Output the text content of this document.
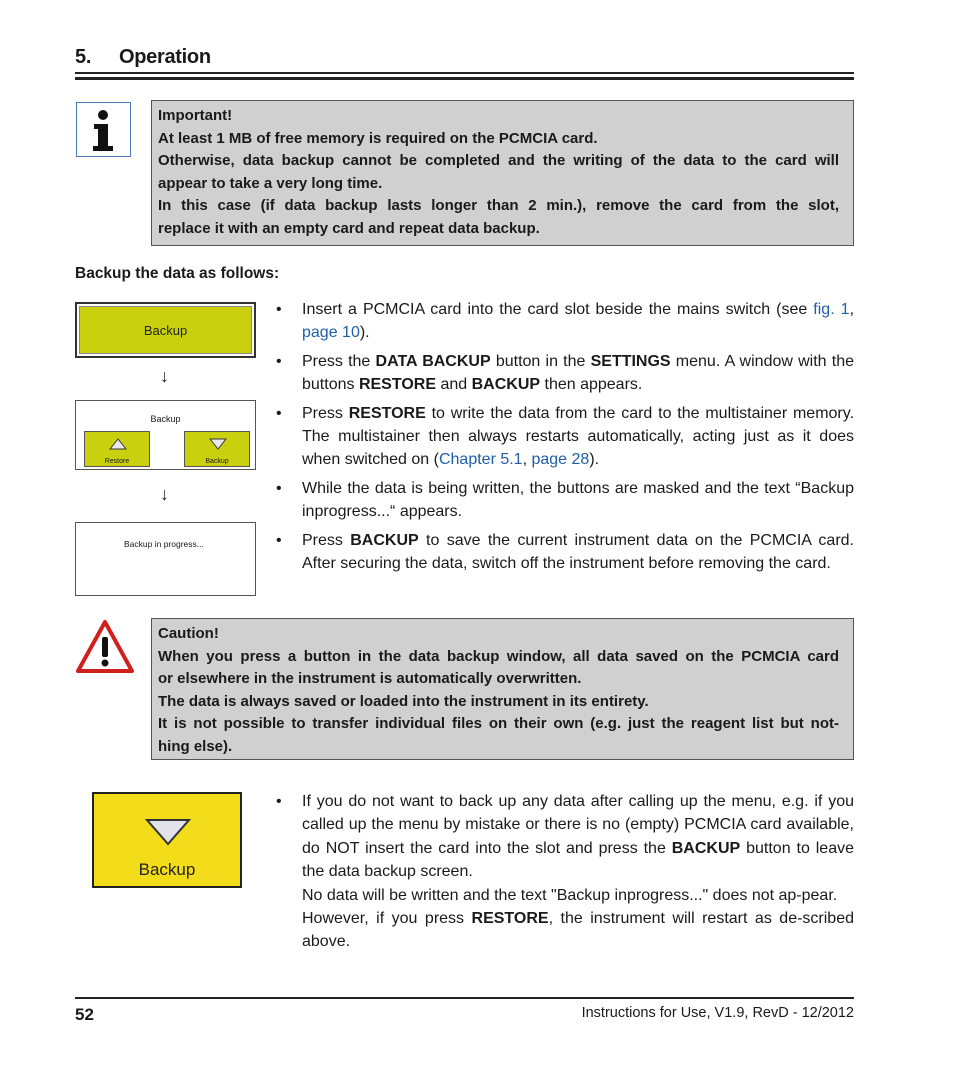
5. Operation
Important!
At least 1 MB of free memory is required on the PCMCIA card.
Otherwise, data backup cannot be completed and the writing of the data to the card will
appear to take a very long time.
In this case (if data backup lasts longer than 2 min.), remove the card from the slot,
replace it with an empty card and repeat data backup.
Backup the data as follows:
Backup
↓
Backup
Restore	Backup
↓
Backup in progress...
• Insert a PCMCIA card into the card slot beside the mains switch (see fig. 1, page 10).

• Press the DATA BACKUP button in the SETTINGS menu. A window with the buttons RESTORE and BACKUP then appears.

• Press RESTORE to write the data from the card to the multistainer memory. The multistainer then always restarts automatically, acting just as it does when switched on (Chapter 5.1, page 28).

• While the data is being written, the buttons are masked and the text “Backup inprogress...“ appears.

• Press BACKUP to save the current instrument data on the PCMCIA card. After securing the data, switch off the instrument before removing the card.

Caution!
When you press a button in the data backup window, all data saved on the PCMCIA card
or elsewhere in the instrument is automatically overwritten.
The data is always saved or loaded into the instrument in its entirety.
It is not possible to transfer individual files on their own (e.g. just the reagent list but not-
hing else).
Backup
• If you do not want to back up any data after calling up the menu, e.g. if you called up the menu by mistake or there is no (empty) PCMCIA card available, do NOT insert the card into the slot and press the BACKUP button to leave the data backup screen.

No data will be written and the text "Backup inprogress..." does not ap-pear.

However, if you press RESTORE, the instrument will restart as de-scribed above.

52	Instructions for Use, V1.9, RevD - 12/2012
